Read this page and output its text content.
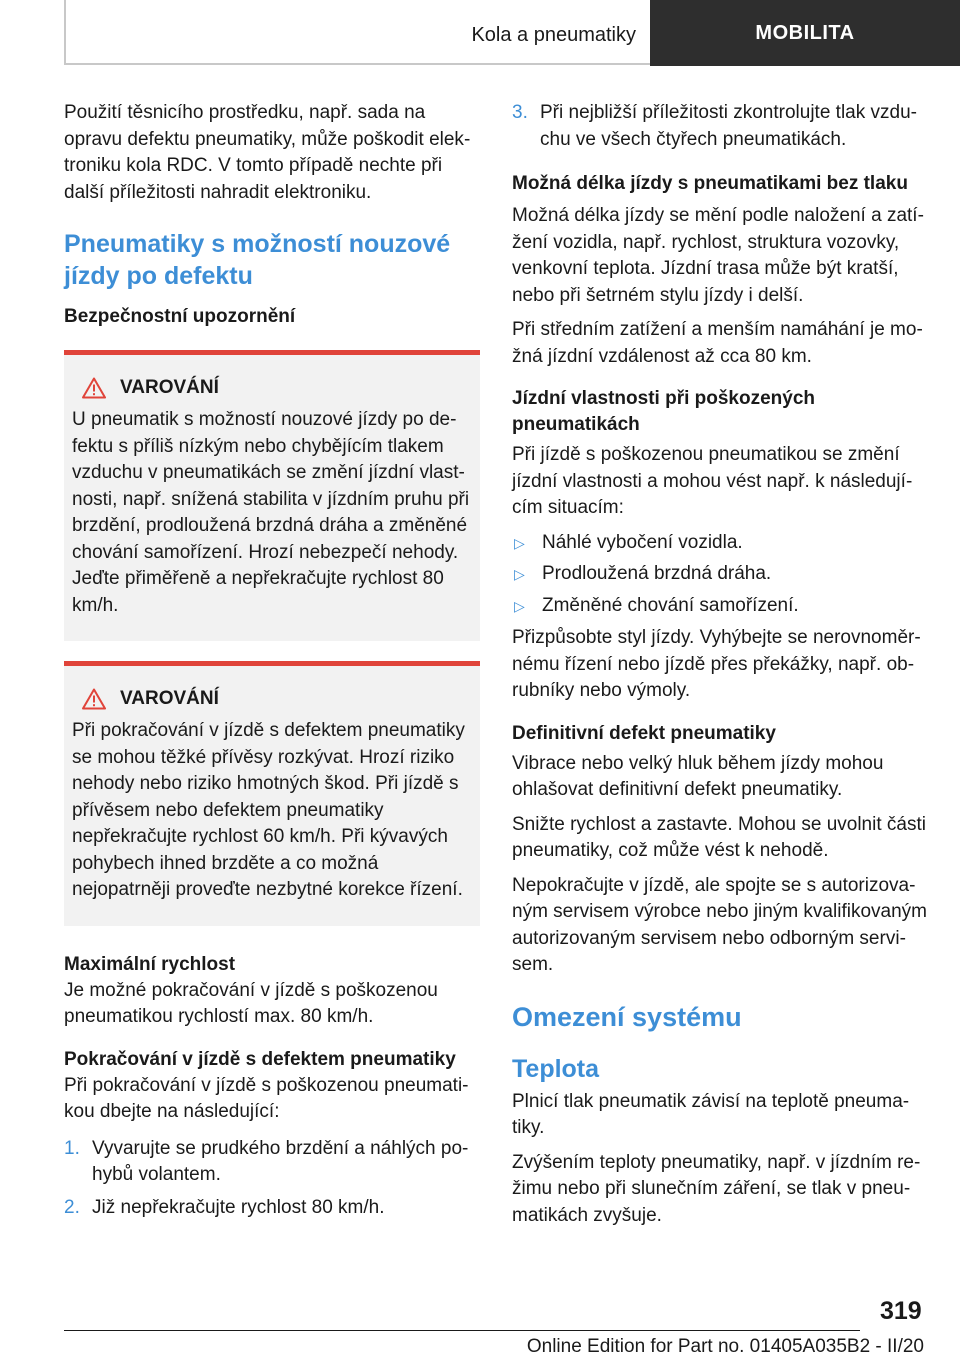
Kola a pneumatiky	MOBILITA

Použití těsnicího prostředku, např. sada na opravu defektu pneumatiky, může poškodit elektroniku kola RDC. V tomto případě nechte při další příležitosti nahradit elektroniku.

Pneumatiky s možností nouzové jízdy po defektu
Bezpečnostní upozornění
VAROVÁNÍ

U pneumatik s možností nouzové jízdy po defektu s příliš nízkým nebo chybějícím tlakem vzduchu v pneumatikách se změní jízdní vlastnosti, např. snížená stabilita v jízdním pruhu při brzdění, prodloužená brzdná dráha a změněné chování samořízení. Hrozí nebezpečí nehody. Jeďte přiměřeně a nepřekračujte rychlost 80 km/h.

VAROVÁNÍ

Při pokračování v jízdě s defektem pneumatiky se mohou těžké přívěsy rozkývat. Hrozí riziko nehody nebo riziko hmotných škod. Při jízdě s přívěsem nebo defektem pneumatiky nepřekračujte rychlost 60 km/h. Při kývavých pohybech ihned brzděte a co možná nejopatrněji proveďte nezbytné korekce řízení.

Maximální rychlost

Je možné pokračování v jízdě s poškozenou pneumatikou rychlostí max. 80 km/h.

Pokračování v jízdě s defektem pneumatiky

Při pokračování v jízdě s poškozenou pneumatikou dbejte na následující:

1. Vyvarujte se prudkého brzdění a náhlých pohybů volantem.
2. Již nepřekračujte rychlost 80 km/h.
3. Při nejbližší příležitosti zkontrolujte tlak vzduchu ve všech čtyřech pneumatikách.
Možná délka jízdy s pneumatikami bez tlaku

Možná délka jízdy se mění podle naložení a zatížení vozidla, např. rychlost, struktura vozovky, venkovní teplota. Jízdní trasa může být kratší, nebo při šetrném stylu jízdy i delší.

Při středním zatížení a menším namáhání je možná jízdní vzdálenost až cca 80 km.

Jízdní vlastnosti při poškozených pneumatikách

Při jízdě s poškozenou pneumatikou se změní jízdní vlastnosti a mohou vést např. k následujícím situacím:

▷ Náhlé vybočení vozidla.
▷ Prodloužená brzdná dráha.
▷ Změněné chování samořízení.

Přizpůsobte styl jízdy. Vyhýbejte se nerovnoměrnému řízení nebo jízdě přes překážky, např. obrubníky nebo výmoly.

Definitivní defekt pneumatiky

Vibrace nebo velký hluk během jízdy mohou ohlašovat definitivní defekt pneumatiky.

Snižte rychlost a zastavte. Mohou se uvolnit části pneumatiky, což může vést k nehodě.

Nepokračujte v jízdě, ale spojte se s autorizovaným servisem výrobce nebo jiným kvalifikovaným autorizovaným servisem nebo odborným servisem.

Omezení systému
Teplota

Plnicí tlak pneumatik závisí na teplotě pneumatiky.

Zvýšením teploty pneumatiky, např. v jízdním režimu nebo při slunečním záření, se tlak v pneumatikách zvyšuje.

319
Online Edition for Part no. 01405A035B2 - II/20
